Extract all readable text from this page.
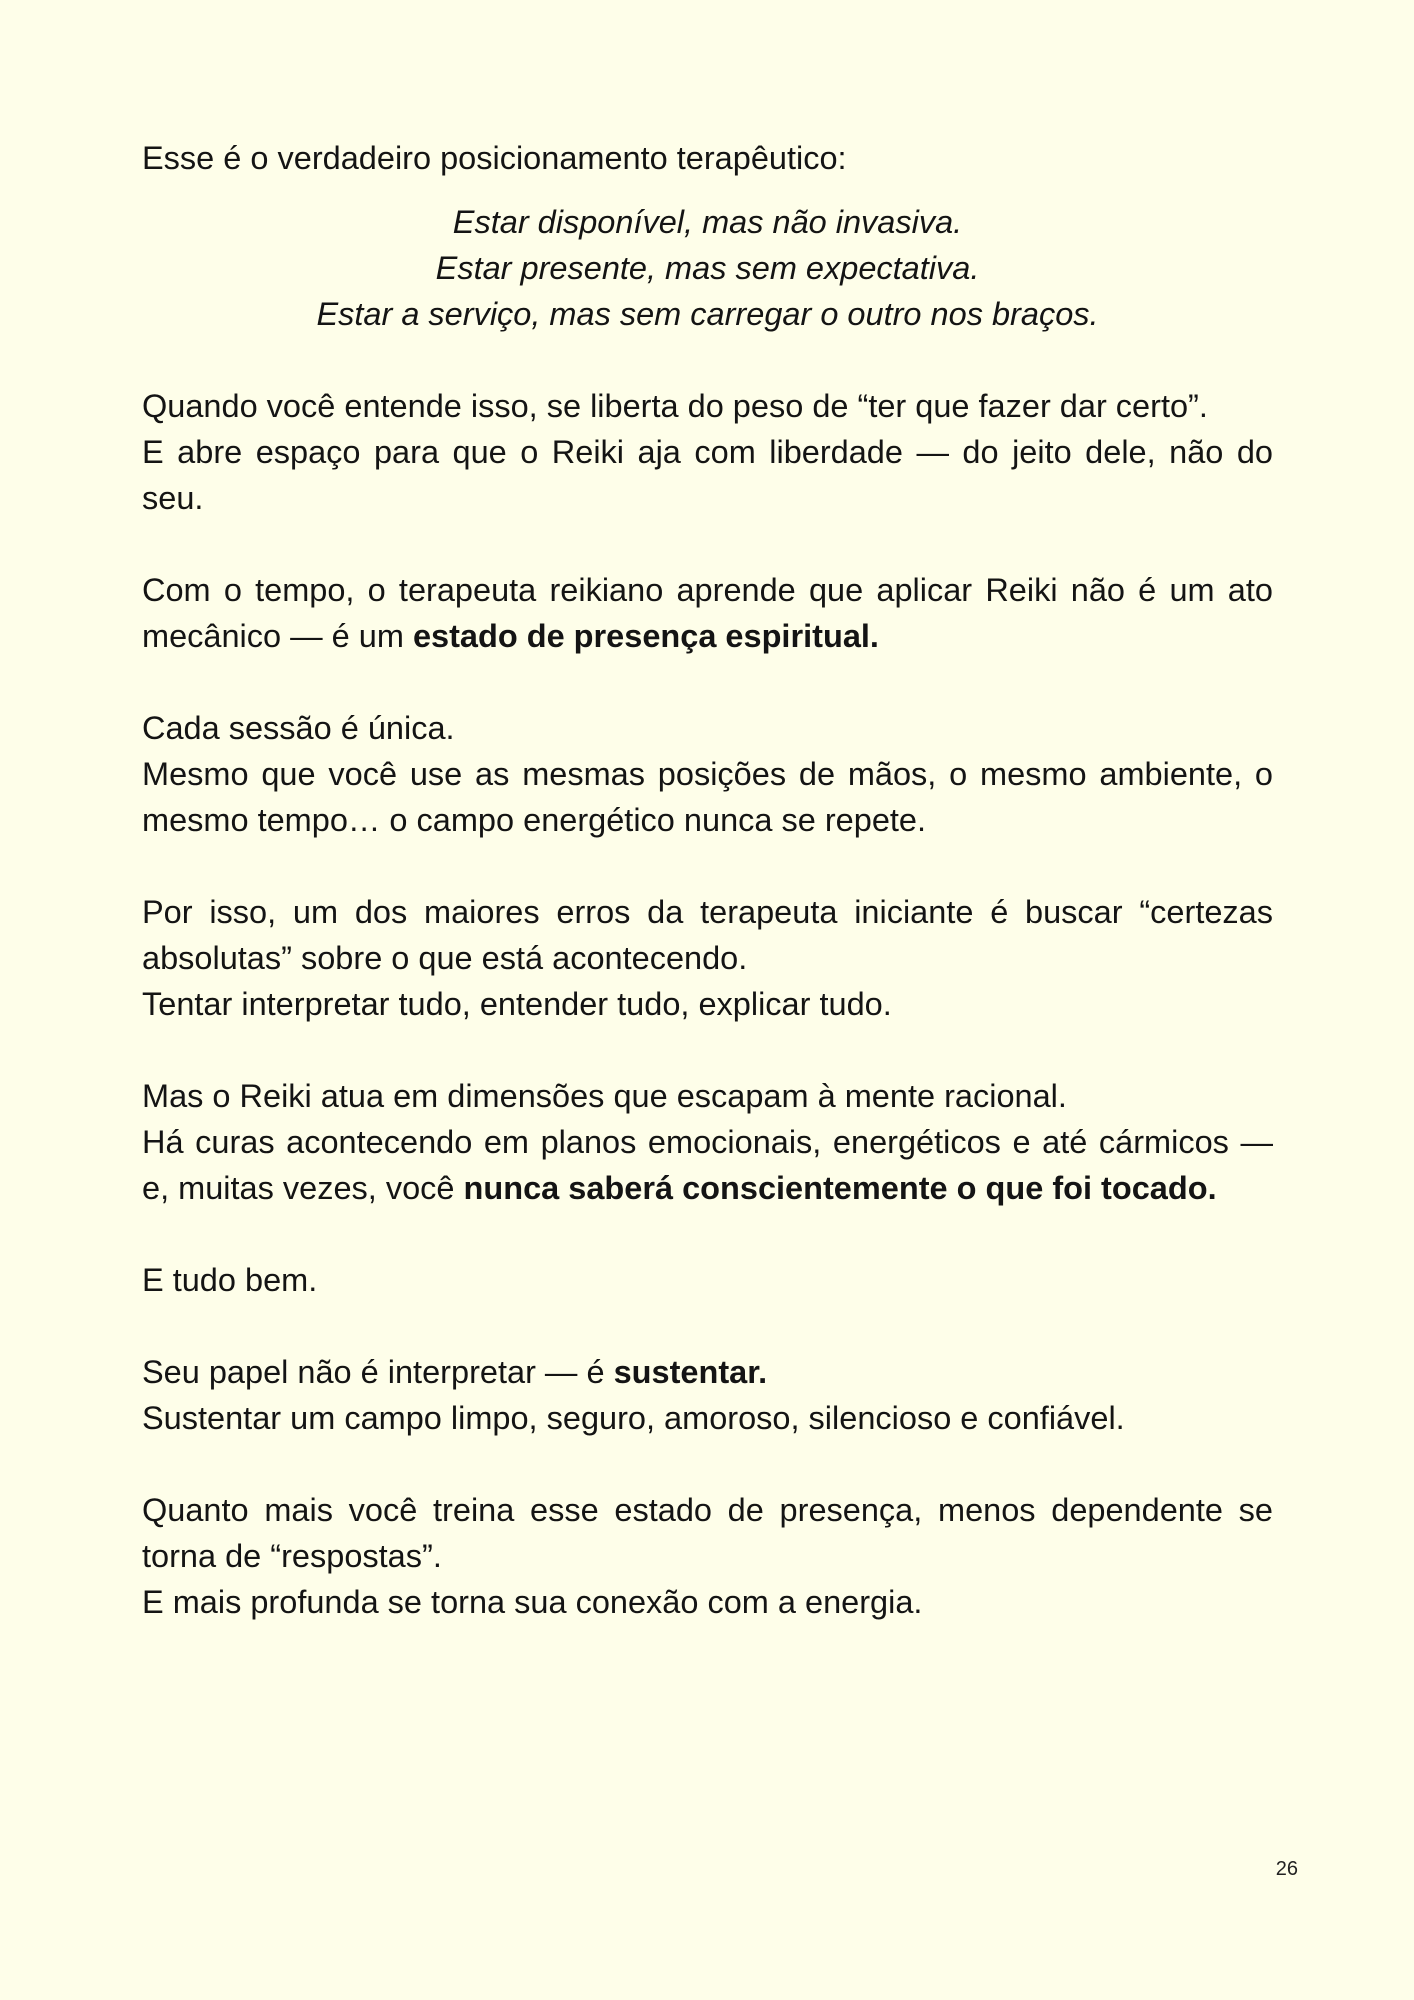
Esse é o verdadeiro posicionamento terapêutico:

Estar disponível, mas não invasiva.
Estar presente, mas sem expectativa.
Estar a serviço, mas sem carregar o outro nos braços.

Quando você entende isso, se liberta do peso de “ter que fazer dar certo”.
E abre espaço para que o Reiki aja com liberdade — do jeito dele, não do seu.

Com o tempo, o terapeuta reikiano aprende que aplicar Reiki não é um ato mecânico — é um estado de presença espiritual.

Cada sessão é única.
Mesmo que você use as mesmas posições de mãos, o mesmo ambiente, o mesmo tempo… o campo energético nunca se repete.

Por isso, um dos maiores erros da terapeuta iniciante é buscar “certezas absolutas” sobre o que está acontecendo.
Tentar interpretar tudo, entender tudo, explicar tudo.

Mas o Reiki atua em dimensões que escapam à mente racional.
Há curas acontecendo em planos emocionais, energéticos e até cármicos — e, muitas vezes, você nunca saberá conscientemente o que foi tocado.

E tudo bem.

Seu papel não é interpretar — é sustentar.
Sustentar um campo limpo, seguro, amoroso, silencioso e confiável.

Quanto mais você treina esse estado de presença, menos dependente se torna de “respostas”.
E mais profunda se torna sua conexão com a energia.

26
